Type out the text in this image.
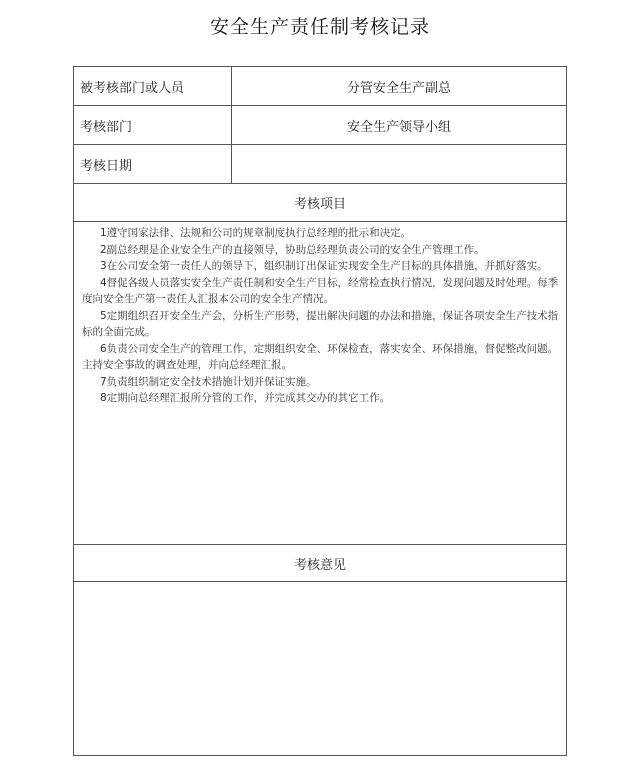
安全生产责任制考核记录
被考核部门或人员	分管安全生产副总
考核部门	安全生产领导小组
考核日期
考核项目

1遵守国家法律、法规和公司的规章制度执行总经理的批示和决定。

2副总经理是企业安全生产的直接领导，协助总经理负责公司的安全生产管理工作。

3在公司安全第一责任人的领导下，组织制订出保证实现安全生产目标的具体措施，并抓好落实。

4督促各级人员落实安全生产责任制和安全生产目标，经常检查执行情况，发现问题及时处理。每季度向安全生产第一责任人汇报本公司的安全生产情况。

5定期组织召开安全生产会，分析生产形势，提出解决问题的办法和措施，保证各项安全生产技术指标的全面完成。

6负责公司安全生产的管理工作，定期组织安全、环保检查，落实安全、环保措施，督促整改问题。主持安全事故的调查处理，并向总经理汇报。

7负责组织制定安全技术措施计划并保证实施。

8定期向总经理汇报所分管的工作，并完成其交办的其它工作。

考核意见
